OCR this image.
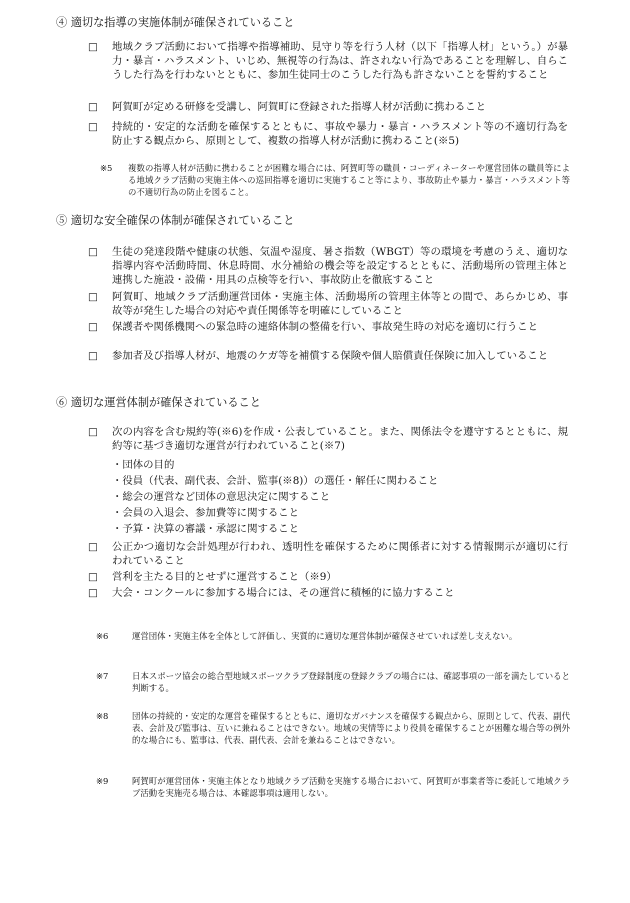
④ 適切な指導の実施体制が確保されていること
□	地域クラブ活動において指導や指導補助、見守り等を行う人材（以下「指導人材」という。）が暴力・暴言・ハラスメント、いじめ、無視等の行為は、許されない行為であることを理解し、自らこうした行為を行わないとともに、参加生徒同士のこうした行為も許さないことを誓約すること
□	阿賀町が定める研修を受講し、阿賀町に登録された指導人材が活動に携わること
□	持続的・安定的な活動を確保するとともに、事故や暴力・暴言・ハラスメント等の不適切行為を防止する観点から、原則として、複数の指導人材が活動に携わること(※5)
※5 複数の指導人材が活動に携わることが困難な場合には、阿賀町等の職員・コーディネーターや運営団体の職員等による地域クラブ活動の実施主体への巡回指導を適切に実施すること等により、事故防止や暴力・暴言・ハラスメント等の不適切行為の防止を図ること。
⑤ 適切な安全確保の体制が確保されていること
□	生徒の発達段階や健康の状態、気温や湿度、暑さ指数（WBGT）等の環境を考慮のうえ、適切な指導内容や活動時間、休息時間、水分補給の機会等を設定するとともに、活動場所の管理主体と連携した施設・設備・用具の点検等を行い、事故防止を徹底すること
□	阿賀町、地域クラブ活動運営団体・実施主体、活動場所の管理主体等との間で、あらかじめ、事故等が発生した場合の対応や責任関係等を明確にしていること
□	保護者や関係機関への緊急時の連絡体制の整備を行い、事故発生時の対応を適切に行うこと
□	参加者及び指導人材が、地震のケガ等を補償する保険や個人賠償責任保険に加入していること
⑥ 適切な運営体制が確保されていること
□	次の内容を含む規約等(※6)を作成・公表していること。また、関係法令を遵守するとともに、規約等に基づき適切な運営が行われていること(※7)
・団体の目的
・役員（代表、副代表、会計、監事(※8)）の選任・解任に関わること
・総会の運営など団体の意思決定に関すること
・会員の入退会、参加費等に関すること
・予算・決算の審議・承認に関すること
□	公正かつ適切な会計処理が行われ、透明性を確保するために関係者に対する情報開示が適切に行われていること
□	営利を主たる目的とせずに運営すること（※9）
□	大会・コンクールに参加する場合には、その運営に積極的に協力すること
※6	運営団体・実施主体を全体として評価し、実質的に適切な運営体制が確保させていれば差し支えない。
※7	日本スポーツ協会の総合型地域スポーツクラブ登録制度の登録クラブの場合には、確認事項の一部を満たしていると判断する。
※8	団体の持続的・安定的な運営を確保するとともに、適切なガバナンスを確保する観点から、原則として、代表、副代表、会計及び監事は、互いに兼ねることはできない。地域の実情等により役員を確保することが困難な場合等の例外的な場合にも、監事は、代表、副代表、会計を兼ねることはできない。
※9	阿賀町が運営団体・実施主体となり地域クラブ活動を実施する場合において、阿賀町が事業者等に委託して地域クラブ活動を実施売る場合は、本確認事項は適用しない。
